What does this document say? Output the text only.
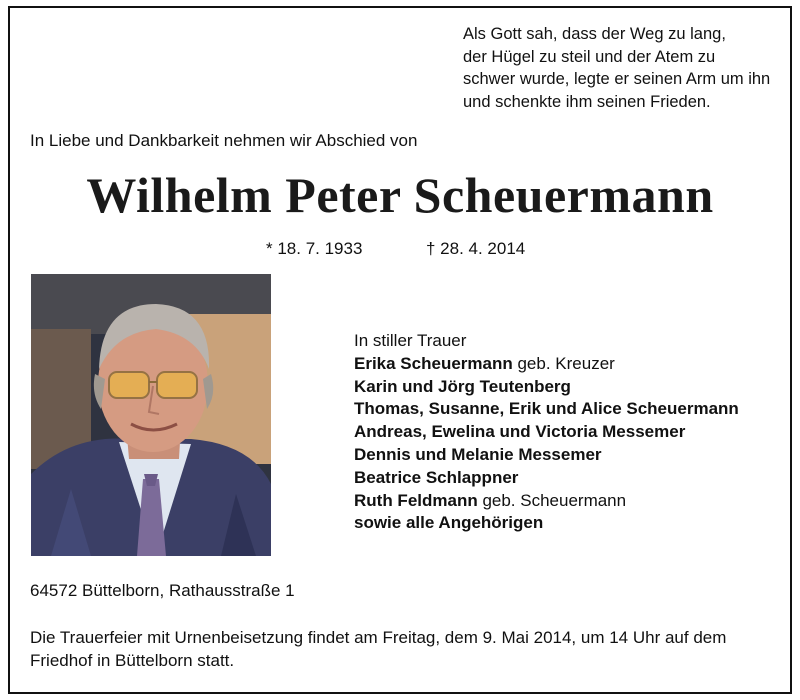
Als Gott sah, dass der Weg zu lang,
der Hügel zu steil und der Atem zu
schwer wurde, legte er seinen Arm um ihn
und schenkte ihm seinen Frieden.
In Liebe und Dankbarkeit nehmen wir Abschied von
Wilhelm Peter Scheuermann
* 18. 7. 1933	† 28. 4. 2014
In stiller Trauer
Erika Scheuermann geb. Kreuzer
Karin und Jörg Teutenberg
Thomas, Susanne, Erik und Alice Scheuermann
Andreas, Ewelina und Victoria Messemer
Dennis und Melanie Messemer
Beatrice Schlappner
Ruth Feldmann geb. Scheuermann
sowie alle Angehörigen
64572 Büttelborn, Rathausstraße 1
Die Trauerfeier mit Urnenbeisetzung findet am Freitag, dem 9. Mai 2014, um 14 Uhr auf dem Friedhof in Büttelborn statt.
